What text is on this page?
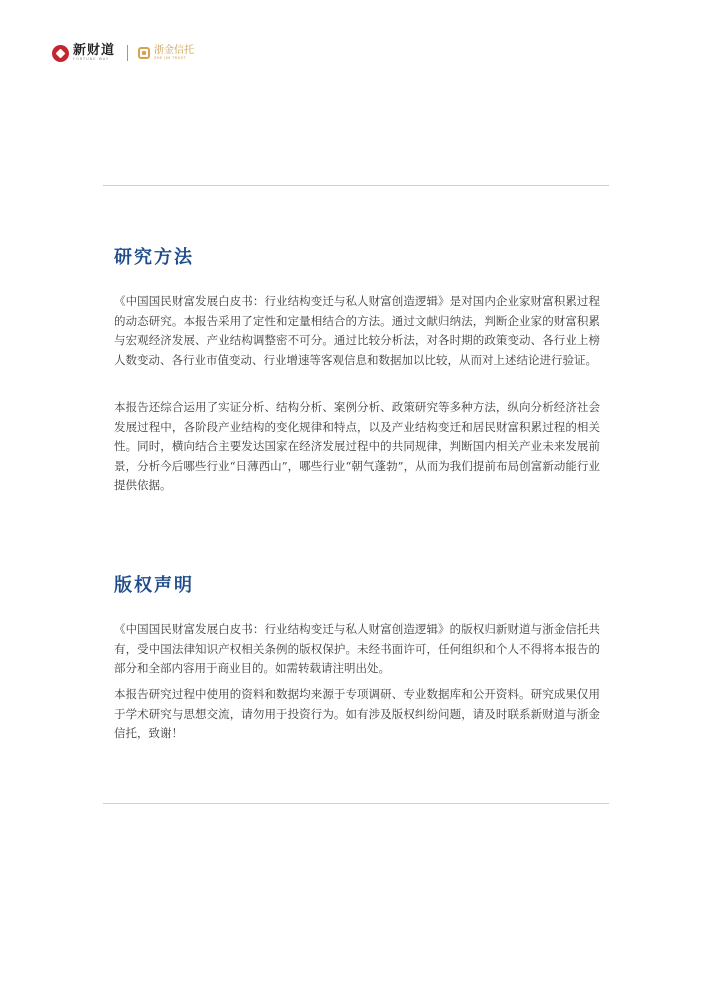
新财道
FORTUNE WAY
浙金信托
ZHE JIN TRUST
研究方法

《中国国民财富发展白皮书：行业结构变迁与私人财富创造逻辑》是对国内企业家财富积累过程的动态研究。本报告采用了定性和定量相结合的方法。通过文献归纳法，判断企业家的财富积累与宏观经济发展、产业结构调整密不可分。通过比较分析法，对各时期的政策变动、各行业上榜人数变动、各行业市值变动、行业增速等客观信息和数据加以比较，从而对上述结论进行验证。

本报告还综合运用了实证分析、结构分析、案例分析、政策研究等多种方法，纵向分析经济社会发展过程中，各阶段产业结构的变化规律和特点，以及产业结构变迁和居民财富积累过程的相关性。同时，横向结合主要发达国家在经济发展过程中的共同规律，判断国内相关产业未来发展前景，分析今后哪些行业“日薄西山”，哪些行业“朝气蓬勃”，从而为我们提前布局创富新动能行业提供依据。

版权声明

《中国国民财富发展白皮书：行业结构变迁与私人财富创造逻辑》的版权归新财道与浙金信托共有，受中国法律知识产权相关条例的版权保护。未经书面许可，任何组织和个人不得将本报告的部分和全部内容用于商业目的。如需转载请注明出处。

本报告研究过程中使用的资料和数据均来源于专项调研、专业数据库和公开资料。研究成果仅用于学术研究与思想交流，请勿用于投资行为。如有涉及版权纠纷问题，请及时联系新财道与浙金信托，致谢！
